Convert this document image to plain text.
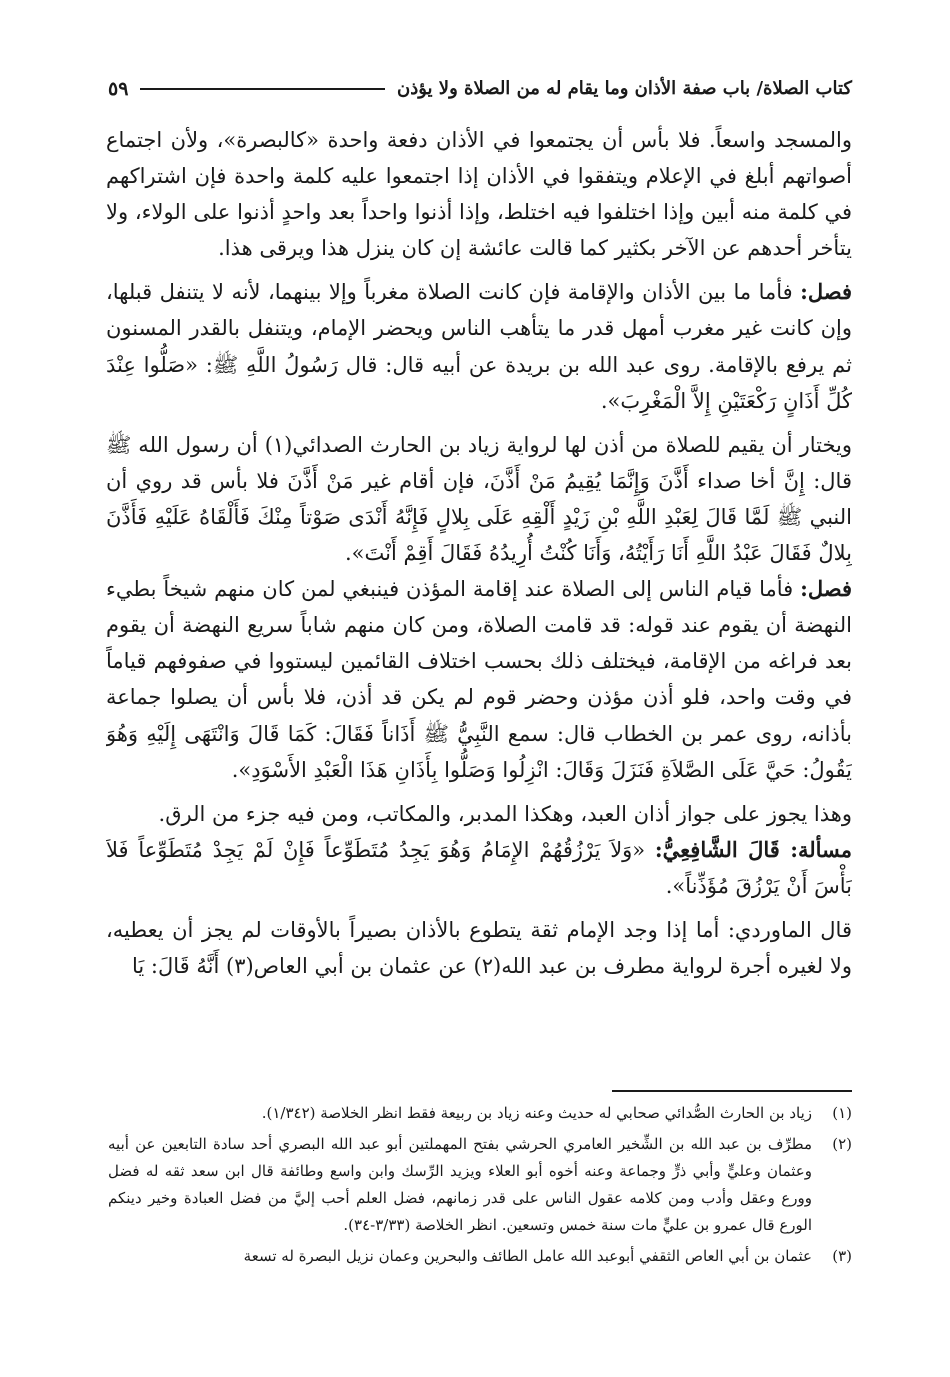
كتاب الصلاة/ باب صفة الأذان وما يقام له من الصلاة ولا يؤذن
٥٩

والمسجد واسعاً. فلا بأس أن يجتمعوا في الأذان دفعة واحدة «كالبصرة»، ولأن اجتماع أصواتهم أبلغ في الإعلام ويتفقوا في الأذان إذا اجتمعوا عليه كلمة واحدة فإن اشتراكهم في كلمة منه أبين وإذا اختلفوا فيه اختلط، وإذا أذنوا واحداً بعد واحدٍ أذنوا على الولاء، ولا يتأخر أحدهم عن الآخر بكثير كما قالت عائشة إن كان ينزل هذا ويرقى هذا.

فصل: فأما ما بين الأذان والإقامة فإن كانت الصلاة مغرباً وإلا بينهما، لأنه لا يتنفل قبلها، وإن كانت غير مغرب أمهل قدر ما يتأهب الناس ويحضر الإمام، ويتنفل بالقدر المسنون ثم يرفع بالإقامة. روى عبد الله بن بريدة عن أبيه قال: قال رَسُولُ اللَّهِ ﷺ: «صَلُّوا عِنْدَ كُلِّ أَذَانٍ رَكْعَتَيْنِ إِلاَّ الْمَغْرِبَ».

ويختار أن يقيم للصلاة من أذن لها لرواية زياد بن الحارث الصدائي(١) أن رسول الله ﷺ قال: إِنَّ أخا صداء أَذَّنَ وَإِنَّمَا يُقِيمُ مَنْ أَذَّنَ، فإن أقام غير مَنْ أَذَّنَ فلا بأس قد روي أن النبي ﷺ لَمَّا قَالَ لِعَبْدِ اللَّهِ بْنِ زَيْدٍ أَلْقِهِ عَلَى بِلالٍ فَإِنَّهُ أَنْدَى صَوْتاً مِنْكَ فَأَلْقَاهُ عَلَيْهِ فَأَذَّنَ بِلالٌ فَقَالَ عَبْدُ اللَّهِ أَنَا رَأَيْتُهُ، وَأَنَا كُنْتُ أُرِيدُهُ فَقَالَ أَقِمْ أَنْتَ».

فصل: فأما قيام الناس إلى الصلاة عند إقامة المؤذن فينبغي لمن كان منهم شيخاً بطيء النهضة أن يقوم عند قوله: قد قامت الصلاة، ومن كان منهم شاباً سريع النهضة أن يقوم بعد فراغه من الإقامة، فيختلف ذلك بحسب اختلاف القائمين ليستووا في صفوفهم قياماً في وقت واحد، فلو أذن مؤذن وحضر قوم لم يكن قد أذن، فلا بأس أن يصلوا جماعة بأذانه، روى عمر بن الخطاب قال: سمع النَّبِيُّ ﷺ أَذَاناً فَقَالَ: كَمَا قَالَ وَانْتَهَى إِلَيْهِ وَهُوَ يَقُولُ: حَيَّ عَلَى الصَّلاَةِ فَنَزَلَ وَقَالَ: انْزِلُوا وَصَلُّوا بِأَذَانِ هَذَا الْعَبْدِ الأَسْوَدِ».

وهذا يجوز على جواز أذان العبد، وهكذا المدبر، والمكاتب، ومن فيه جزء من الرق.

مسألة: قَالَ الشَّافِعِيُّ: «وَلاَ يَرْزُقُهُمْ الإِمَامُ وَهُوَ يَجِدُ مُتَطَوِّعاً فَإِنْ لَمْ يَجِدْ مُتَطَوِّعاً فَلاَ بَأْسَ أَنْ يَرْزُقَ مُؤَذِّناً».

قال الماوردي: أما إذا وجد الإمام ثقة يتطوع بالأذان بصيراً بالأوقات لم يجز أن يعطيه، ولا لغيره أجرة لرواية مطرف بن عبد الله(٢) عن عثمان بن أبي العاص(٣) أَنَّهُ قَالَ: يَا

(١)
زياد بن الحارث الصُّدائي صحابي له حديث وعنه زياد بن ربيعة فقط انظر الخلاصة (١/٣٤٢).
(٢)
مطرِّف بن عبد الله بن الشِّخير العامري الحرشي بفتح المهملتين أبو عبد الله البصري أحد سادة التابعين عن أبيه وعثمان وعليٍّ وأبي ذرٍّ وجماعة وعنه أخوه أبو العلاء ويزيد الرِّسك وابن واسع وطائفة قال ابن سعد ثقه له فضل وورع وعقل وأدب ومن كلامه عقول الناس على قدر زمانهم، فضل العلم أحب إليَّ من فضل العبادة وخير دينكم الورع قال عمرو بن عليٍّ مات سنة خمس وتسعين. انظر الخلاصة (٣/٣٣-٣٤).
(٣)
عثمان بن أبي العاص الثقفي أبوعبد الله عامل الطائف والبحرين وعمان نزيل البصرة له تسعة
